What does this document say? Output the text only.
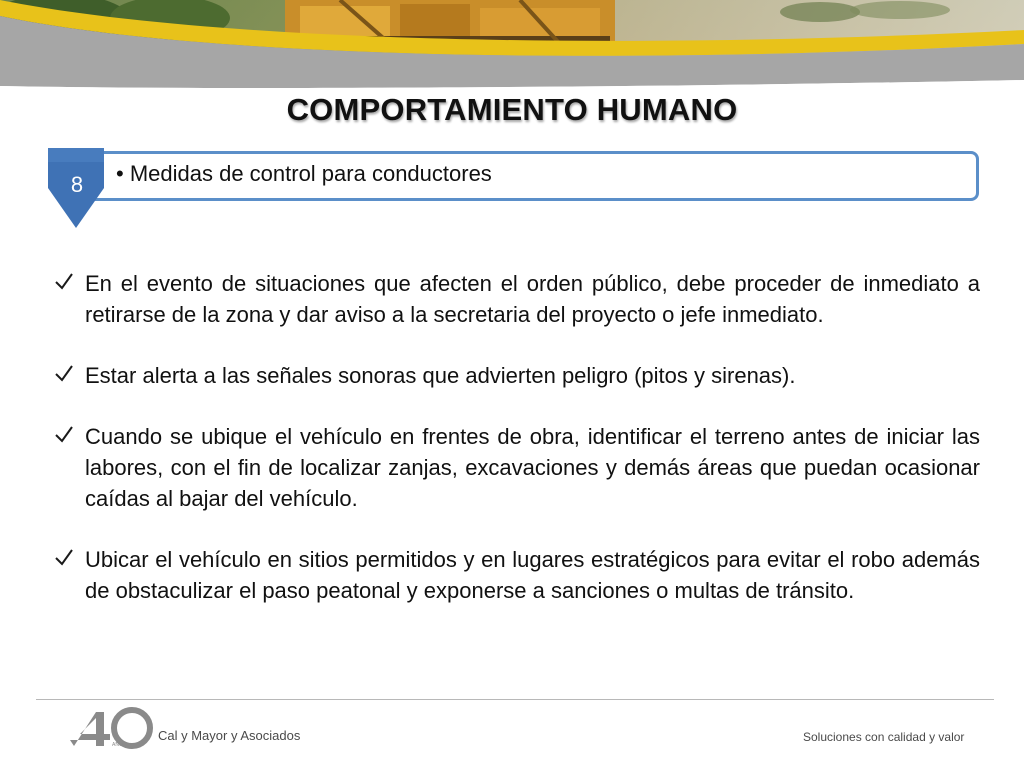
COMPORTAMIENTO HUMANO
8	• Medidas de control para conductores
En el evento de situaciones que afecten el orden público, debe proceder de inmediato a retirarse de la zona y dar aviso a la secretaria del proyecto o jefe inmediato.
Estar alerta a las señales sonoras que advierten peligro (pitos y sirenas).
Cuando se ubique el vehículo en frentes de obra, identificar el terreno antes de iniciar las labores, con el fin de localizar zanjas, excavaciones y demás áreas que puedan ocasionar caídas al bajar del vehículo.
Ubicar el vehículo en sitios permitidos y en lugares estratégicos para evitar el robo además de obstaculizar el paso peatonal y exponerse a sanciones o multas de tránsito.
AÑOS
Cal y Mayor y Asociados	Soluciones con calidad y valor
